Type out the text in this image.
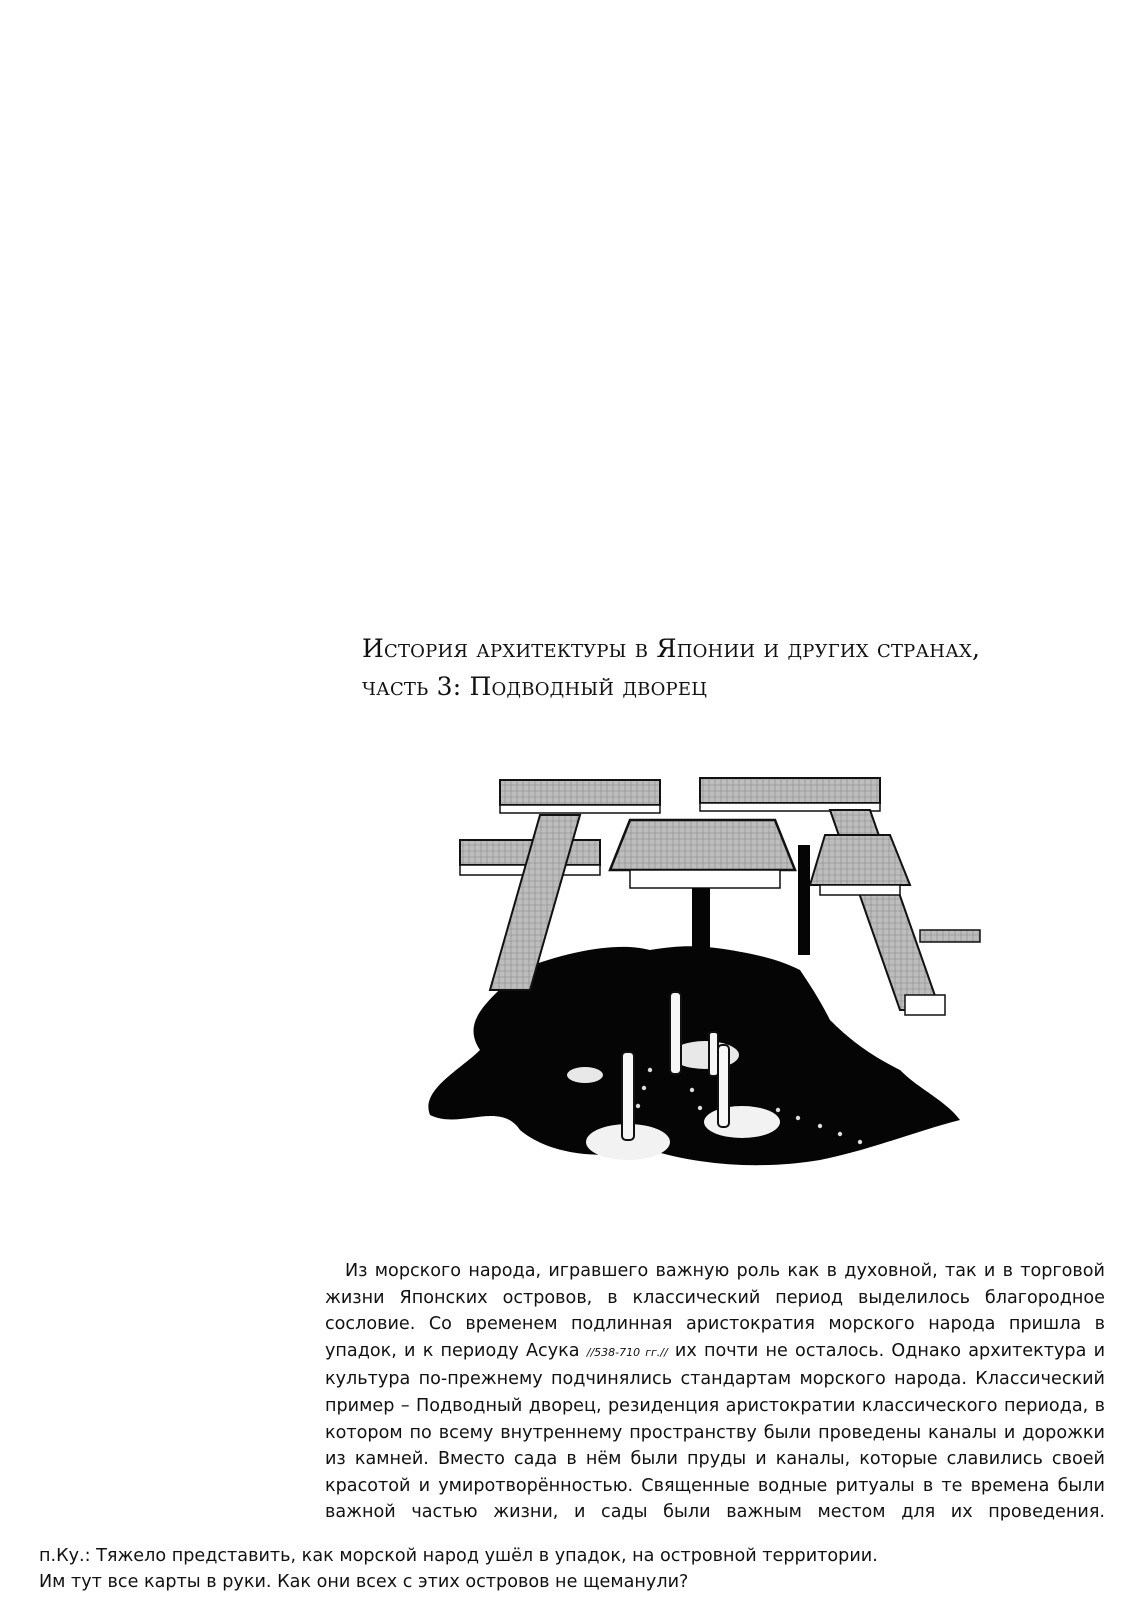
История архитектуры в Японии и других странах,
часть 3: Подводный дворец
Из морского народа, игравшего важную роль как в духовной, так и в торговой жизни Японских островов, в классический период выделилось благородное сословие. Со временем подлинная аристократия морского народа пришла в упадок, и к периоду Асука //538-710 гг.// их почти не осталось. Однако архитектура и культура по-прежнему подчинялись стандартам морского народа. Классический пример – Подводный дворец, резиденция аристократии классического периода, в котором по всему внутреннему пространству были проведены каналы и дорожки из камней. Вместо сада в нём были пруды и каналы, которые славились своей красотой и умиротворённостью. Священные водные ритуалы в те времена были важной частью жизни, и сады были важным местом для их проведения.
п.Ку.: Тяжело представить, как морской народ ушёл в упадок, на островной территории.
Им тут все карты в руки. Как они всех с этих островов не щеманули?
